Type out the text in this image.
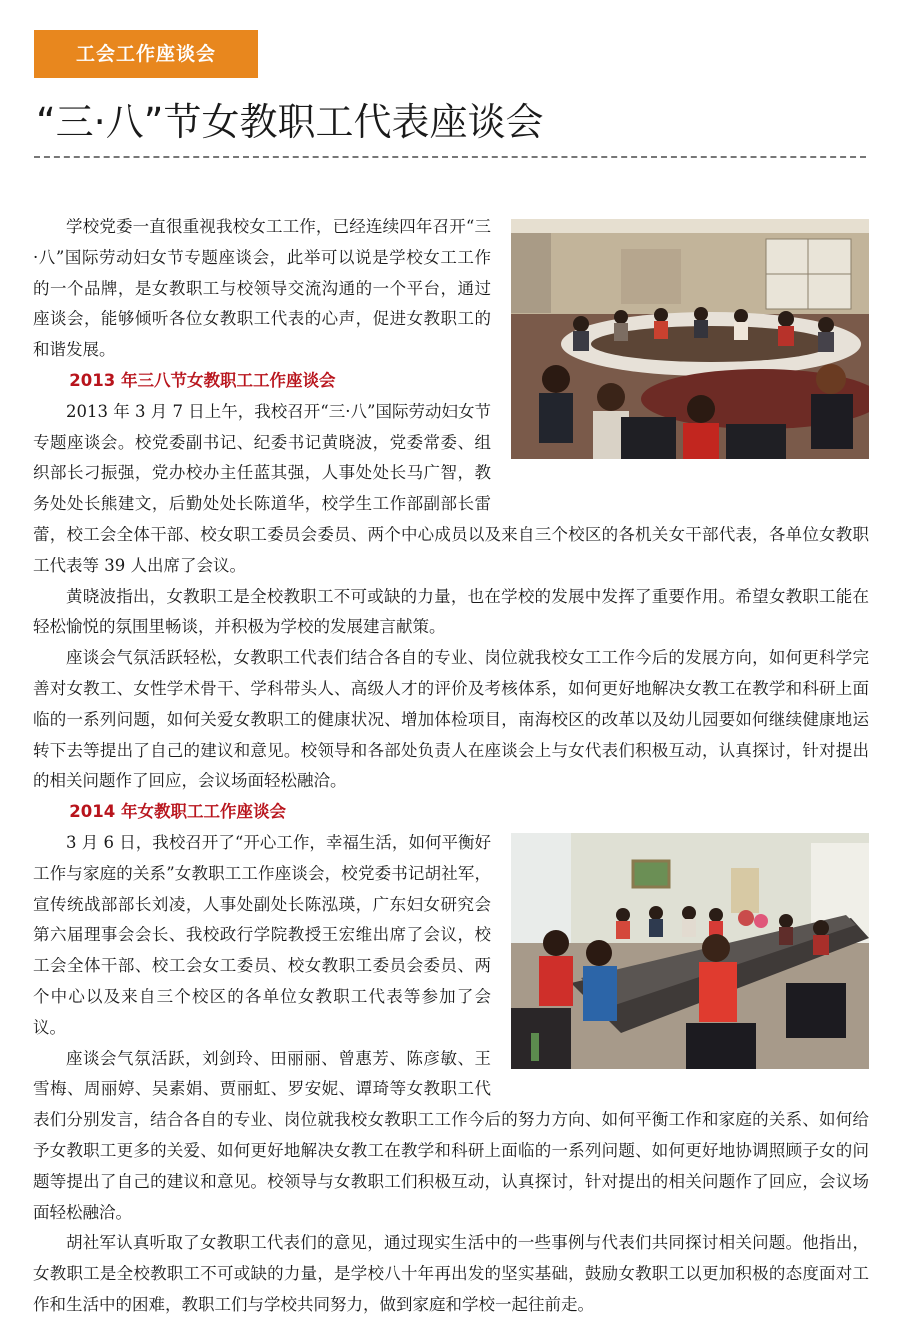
工会工作座谈会
“三·八”节女教职工代表座谈会

学校党委一直很重视我校女工工作，已经连续四年召开“三·八”国际劳动妇女节专题座谈会，此举可以说是学校女工工作的一个品牌，是女教职工与校领导交流沟通的一个平台，通过座谈会，能够倾听各位女教职工代表的心声，促进女教职工的和谐发展。

2013 年三八节女教职工工作座谈会

2013 年 3 月 7 日上午，我校召开“三·八”国际劳动妇女节专题座谈会。校党委副书记、纪委书记黄晓波，党委常委、组织部长刁振强，党办校办主任蓝其强，人事处处长马广智，教务处处长熊建文，后勤处处长陈道华，校学生工作部副部长雷蕾，校工会全体干部、校女职工委员会委员、两个中心成员以及来自三个校区的各机关女干部代表，各单位女教职工代表等 39 人出席了会议。

黄晓波指出，女教职工是全校教职工不可或缺的力量，也在学校的发展中发挥了重要作用。希望女教职工能在轻松愉悦的氛围里畅谈，并积极为学校的发展建言献策。

座谈会气氛活跃轻松，女教职工代表们结合各自的专业、岗位就我校女工工作今后的发展方向，如何更科学完善对女教工、女性学术骨干、学科带头人、高级人才的评价及考核体系，如何更好地解决女教工在教学和科研上面临的一系列问题，如何关爱女教职工的健康状况、增加体检项目，南海校区的改革以及幼儿园要如何继续健康地运转下去等提出了自己的建议和意见。校领导和各部处负责人在座谈会上与女代表们积极互动，认真探讨，针对提出的相关问题作了回应，会议场面轻松融洽。

2014 年女教职工工作座谈会

3 月 6 日，我校召开了“开心工作，幸福生活，如何平衡好工作与家庭的关系”女教职工工作座谈会，校党委书记胡社军，宣传统战部部长刘凌，人事处副处长陈泓瑛，广东妇女研究会第六届理事会会长、我校政行学院教授王宏维出席了会议，校工会全体干部、校工会女工委员、校女教职工委员会委员、两个中心以及来自三个校区的各单位女教职工代表等参加了会议。

座谈会气氛活跃，刘剑玲、田丽丽、曾惠芳、陈彦敏、王雪梅、周丽婷、吴素娟、贾丽虹、罗安妮、谭琦等女教职工代表们分别发言，结合各自的专业、岗位就我校女教职工工作今后的努力方向、如何平衡工作和家庭的关系、如何给予女教职工更多的关爱、如何更好地解决女教工在教学和科研上面临的一系列问题、如何更好地协调照顾子女的问题等提出了自己的建议和意见。校领导与女教职工们积极互动，认真探讨，针对提出的相关问题作了回应，会议场面轻松融洽。

胡社军认真听取了女教职工代表们的意见，通过现实生活中的一些事例与代表们共同探讨相关问题。他指出，女教职工是全校教职工不可或缺的力量，是学校八十年再出发的坚实基础，鼓励女教职工以更加积极的态度面对工作和生活中的困难，教职工们与学校共同努力，做到家庭和学校一起往前走。
